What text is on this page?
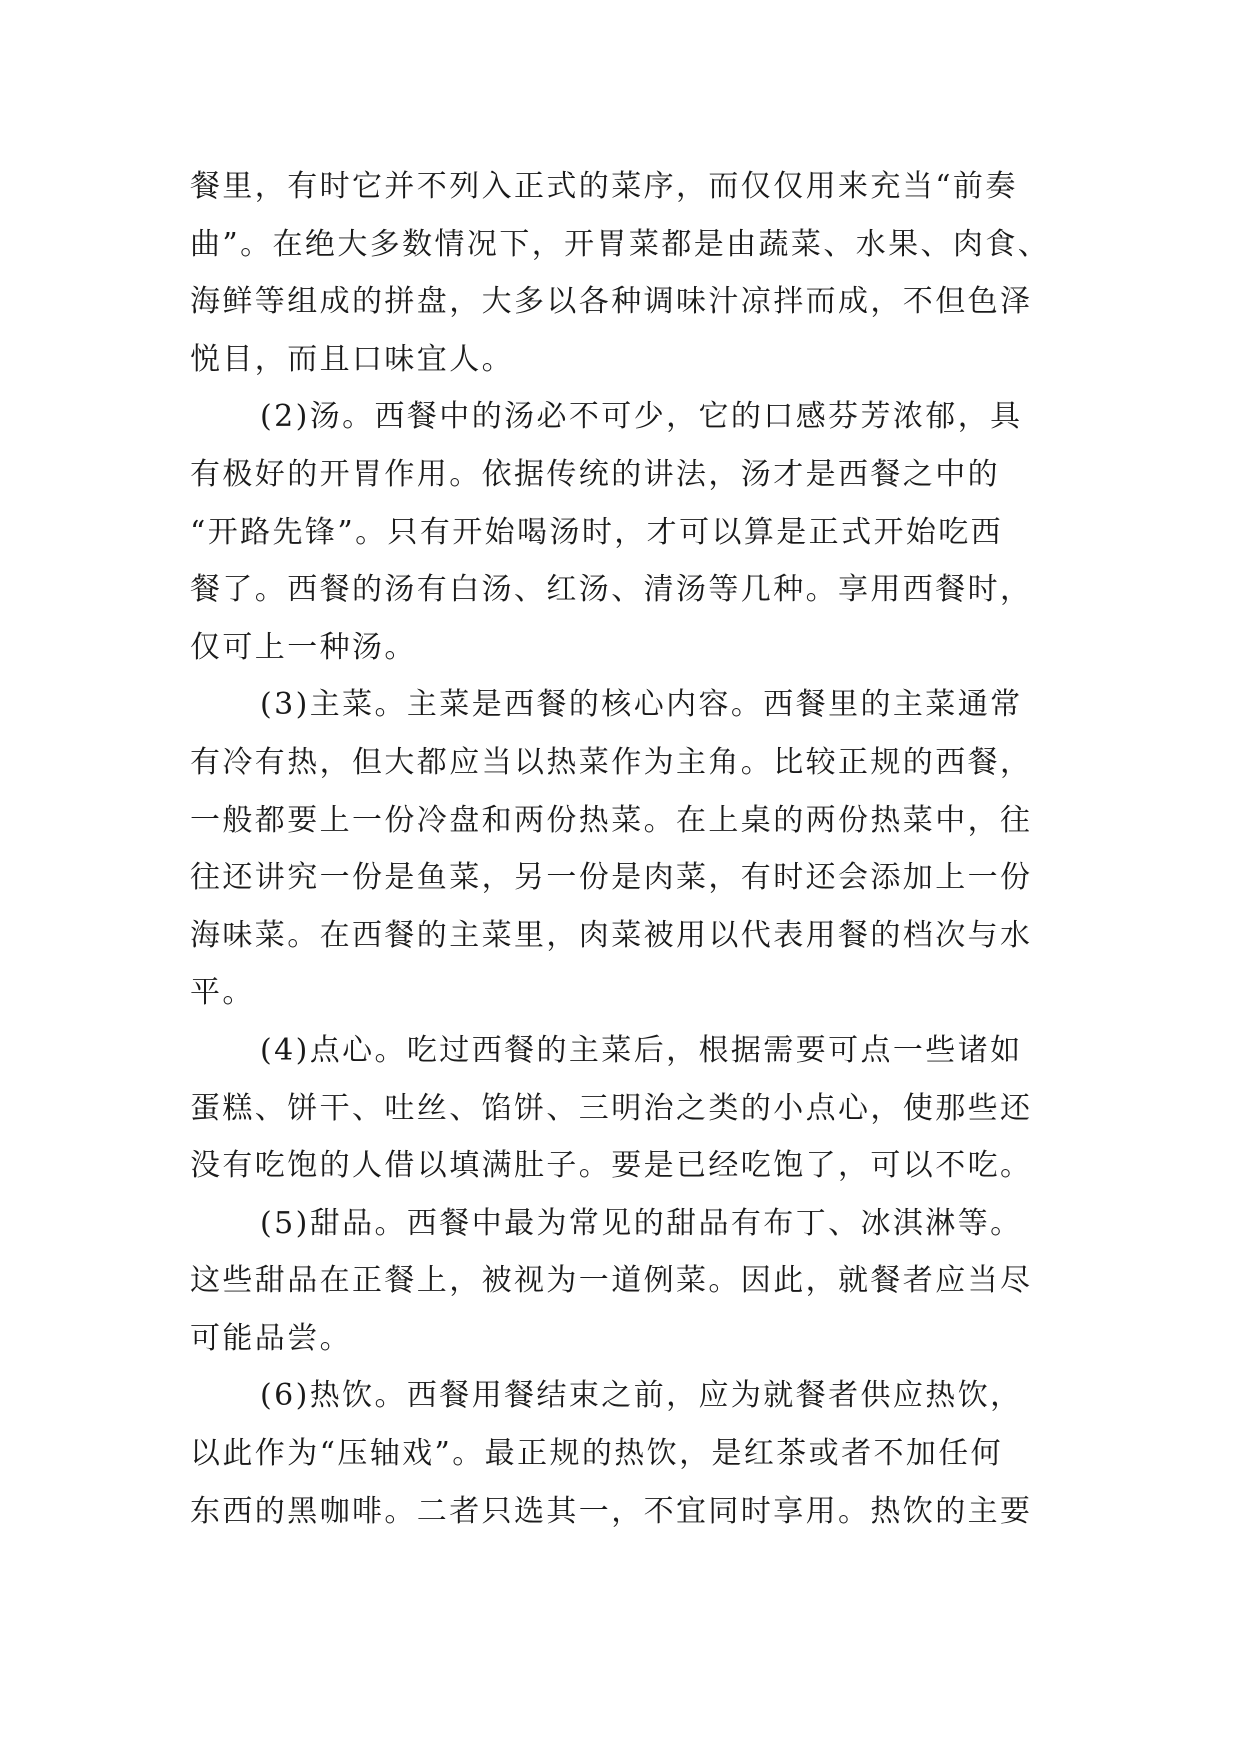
餐里，有时它并不列入正式的菜序，而仅仅用来充当“前奏
曲”。在绝大多数情况下，开胃菜都是由蔬菜、水果、肉食、
海鲜等组成的拼盘，大多以各种调味汁凉拌而成，不但色泽
悦目，而且口味宜人。
(2)汤。西餐中的汤必不可少，它的口感芬芳浓郁，具
有极好的开胃作用。依据传统的讲法，汤才是西餐之中的
“开路先锋”。只有开始喝汤时，才可以算是正式开始吃西
餐了。西餐的汤有白汤、红汤、清汤等几种。享用西餐时，
仅可上一种汤。
(3)主菜。主菜是西餐的核心内容。西餐里的主菜通常
有冷有热，但大都应当以热菜作为主角。比较正规的西餐，
一般都要上一份冷盘和两份热菜。在上桌的两份热菜中，往
往还讲究一份是鱼菜，另一份是肉菜，有时还会添加上一份
海味菜。在西餐的主菜里，肉菜被用以代表用餐的档次与水
平。
(4)点心。吃过西餐的主菜后，根据需要可点一些诸如
蛋糕、饼干、吐丝、馅饼、三明治之类的小点心，使那些还
没有吃饱的人借以填满肚子。要是已经吃饱了，可以不吃。
(5)甜品。西餐中最为常见的甜品有布丁、冰淇淋等。
这些甜品在正餐上，被视为一道例菜。因此，就餐者应当尽
可能品尝。
(6)热饮。西餐用餐结束之前，应为就餐者供应热饮，
以此作为“压轴戏”。最正规的热饮，是红茶或者不加任何
东西的黑咖啡。二者只选其一，不宜同时享用。热饮的主要
